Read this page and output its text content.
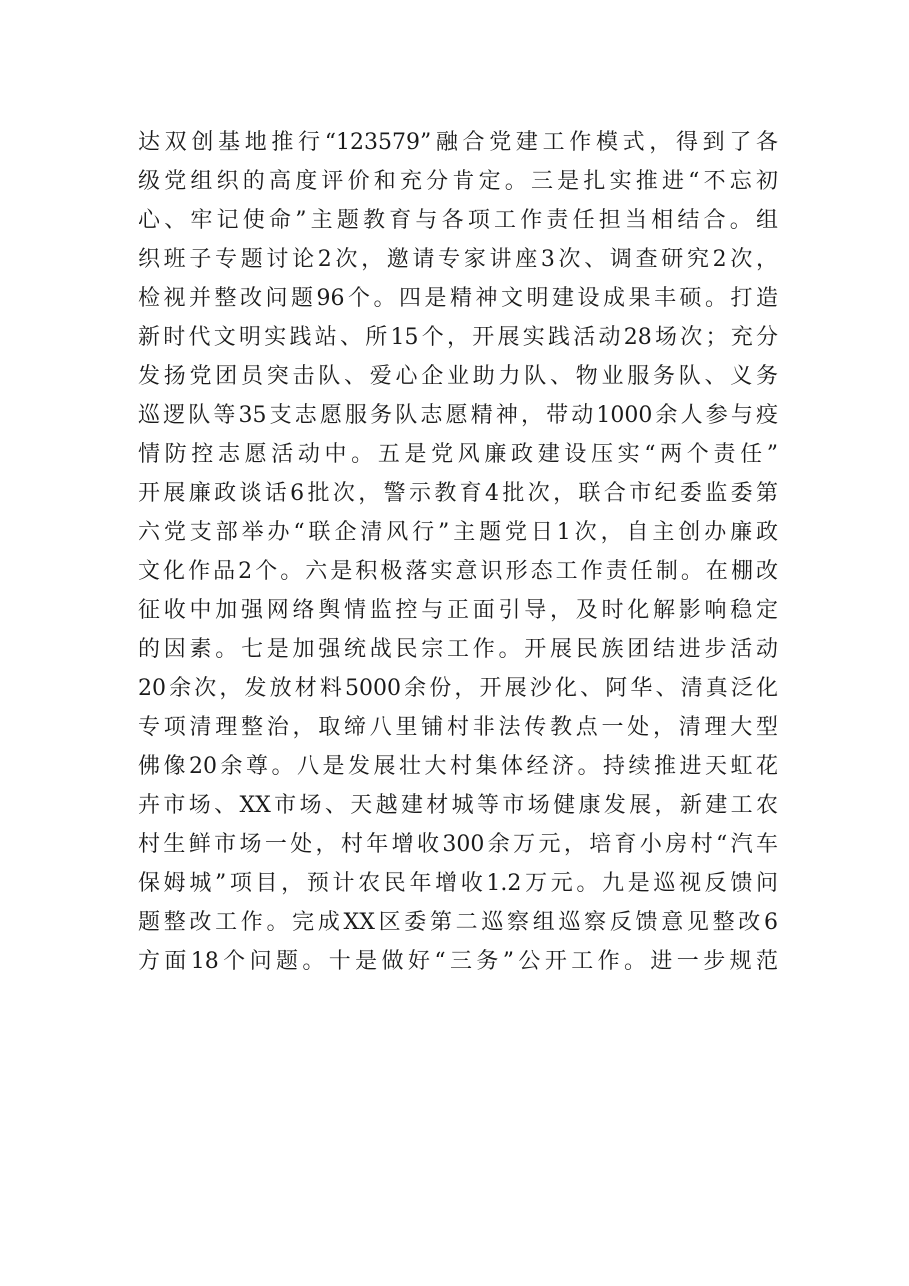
达双创基地推行“123579”融合党建工作模式，得到了各
级党组织的高度评价和充分肯定。三是扎实推进“不忘初
心、牢记使命”主题教育与各项工作责任担当相结合。组
织班子专题讨论2次，邀请专家讲座3次、调查研究2次，
检视并整改问题96个。四是精神文明建设成果丰硕。打造
新时代文明实践站、所15个，开展实践活动28场次；充分
发扬党团员突击队、爱心企业助力队、物业服务队、义务
巡逻队等35支志愿服务队志愿精神，带动1000余人参与疫
情防控志愿活动中。五是党风廉政建设压实“两个责任”
开展廉政谈话6批次，警示教育4批次，联合市纪委监委第
六党支部举办“联企清风行”主题党日1次，自主创办廉政
文化作品2个。六是积极落实意识形态工作责任制。在棚改
征收中加强网络舆情监控与正面引导，及时化解影响稳定
的因素。七是加强统战民宗工作。开展民族团结进步活动
20余次，发放材料5000余份，开展沙化、阿华、清真泛化
专项清理整治，取缔八里铺村非法传教点一处，清理大型
佛像20余尊。八是发展壮大村集体经济。持续推进天虹花
卉市场、XX市场、天越建材城等市场健康发展，新建工农
村生鲜市场一处，村年增收300余万元，培育小房村“汽车
保姆城”项目，预计农民年增收1.2万元。九是巡视反馈问
题整改工作。完成XX区委第二巡察组巡察反馈意见整改6
方面18个问题。十是做好“三务”公开工作。进一步规范
